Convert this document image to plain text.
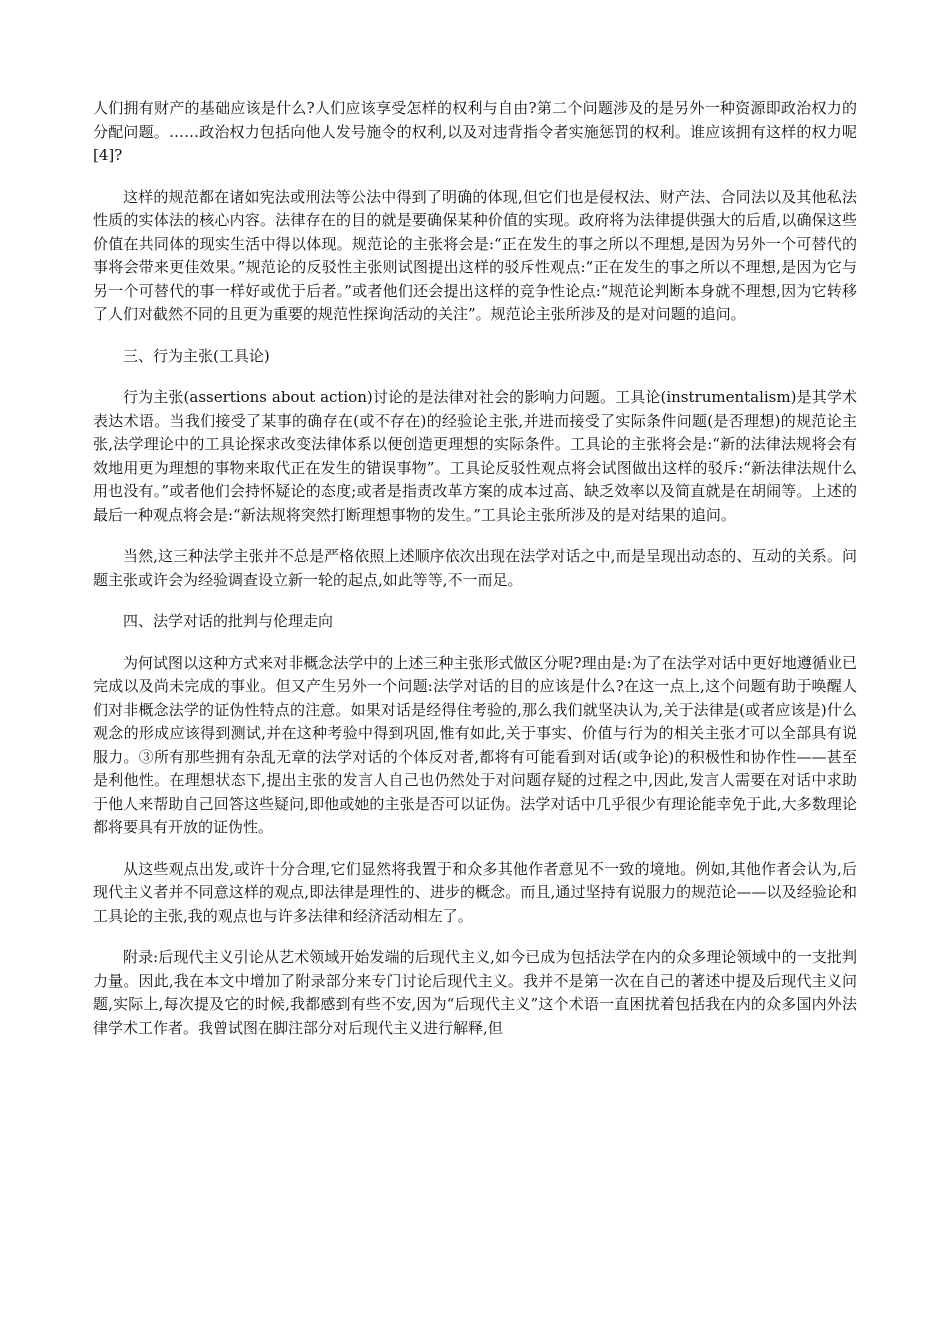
人们拥有财产的基础应该是什么?人们应该享受怎样的权利与自由?第二个问题涉及的是另外一种资源即政治权力的分配问题。……政治权力包括向他人发号施令的权利,以及对违背指令者实施惩罚的权利。谁应该拥有这样的权力呢[4]?

这样的规范都在诸如宪法或刑法等公法中得到了明确的体现,但它们也是侵权法、财产法、合同法以及其他私法性质的实体法的核心内容。法律存在的目的就是要确保某种价值的实现。政府将为法律提供强大的后盾,以确保这些价值在共同体的现实生活中得以体现。规范论的主张将会是:“正在发生的事之所以不理想,是因为另外一个可替代的事将会带来更佳效果。”规范论的反驳性主张则试图提出这样的驳斥性观点:“正在发生的事之所以不理想,是因为它与另一个可替代的事一样好或优于后者。”或者他们还会提出这样的竞争性论点:“规范论判断本身就不理想,因为它转移了人们对截然不同的且更为重要的规范性探询活动的关注”。规范论主张所涉及的是对问题的追问。

三、行为主张(工具论)

行为主张(assertions about action)讨论的是法律对社会的影响力问题。工具论(instrumentalism)是其学术表达术语。当我们接受了某事的确存在(或不存在)的经验论主张,并进而接受了实际条件问题(是否理想)的规范论主张,法学理论中的工具论探求改变法律体系以便创造更理想的实际条件。工具论的主张将会是:“新的法律法规将会有效地用更为理想的事物来取代正在发生的错误事物”。工具论反驳性观点将会试图做出这样的驳斥:“新法律法规什么用也没有。”或者他们会持怀疑论的态度;或者是指责改革方案的成本过高、缺乏效率以及简直就是在胡闹等。上述的最后一种观点将会是:“新法规将突然打断理想事物的发生。”工具论主张所涉及的是对结果的追问。

当然,这三种法学主张并不总是严格依照上述顺序依次出现在法学对话之中,而是呈现出动态的、互动的关系。问题主张或许会为经验调查设立新一轮的起点,如此等等,不一而足。

四、法学对话的批判与伦理走向

为何试图以这种方式来对非概念法学中的上述三种主张形式做区分呢?理由是:为了在法学对话中更好地遵循业已完成以及尚未完成的事业。但又产生另外一个问题:法学对话的目的应该是什么?在这一点上,这个问题有助于唤醒人们对非概念法学的证伪性特点的注意。如果对话是经得住考验的,那么我们就坚决认为,关于法律是(或者应该是)什么观念的形成应该得到测试,并在这种考验中得到巩固,惟有如此,关于事实、价值与行为的相关主张才可以全部具有说服力。③所有那些拥有杂乱无章的法学对话的个体反对者,都将有可能看到对话(或争论)的积极性和协作性——甚至是利他性。在理想状态下,提出主张的发言人自己也仍然处于对问题存疑的过程之中,因此,发言人需要在对话中求助于他人来帮助自己回答这些疑问,即他或她的主张是否可以证伪。法学对话中几乎很少有理论能幸免于此,大多数理论都将要具有开放的证伪性。

从这些观点出发,或许十分合理,它们显然将我置于和众多其他作者意见不一致的境地。例如,其他作者会认为,后现代主义者并不同意这样的观点,即法律是理性的、进步的概念。而且,通过坚持有说服力的规范论——以及经验论和工具论的主张,我的观点也与许多法律和经济活动相左了。

附录:后现代主义引论从艺术领域开始发端的后现代主义,如今已成为包括法学在内的众多理论领域中的一支批判力量。因此,我在本文中增加了附录部分来专门讨论后现代主义。我并不是第一次在自己的著述中提及后现代主义问题,实际上,每次提及它的时候,我都感到有些不安,因为“后现代主义”这个术语一直困扰着包括我在内的众多国内外法律学术工作者。我曾试图在脚注部分对后现代主义进行解释,但
